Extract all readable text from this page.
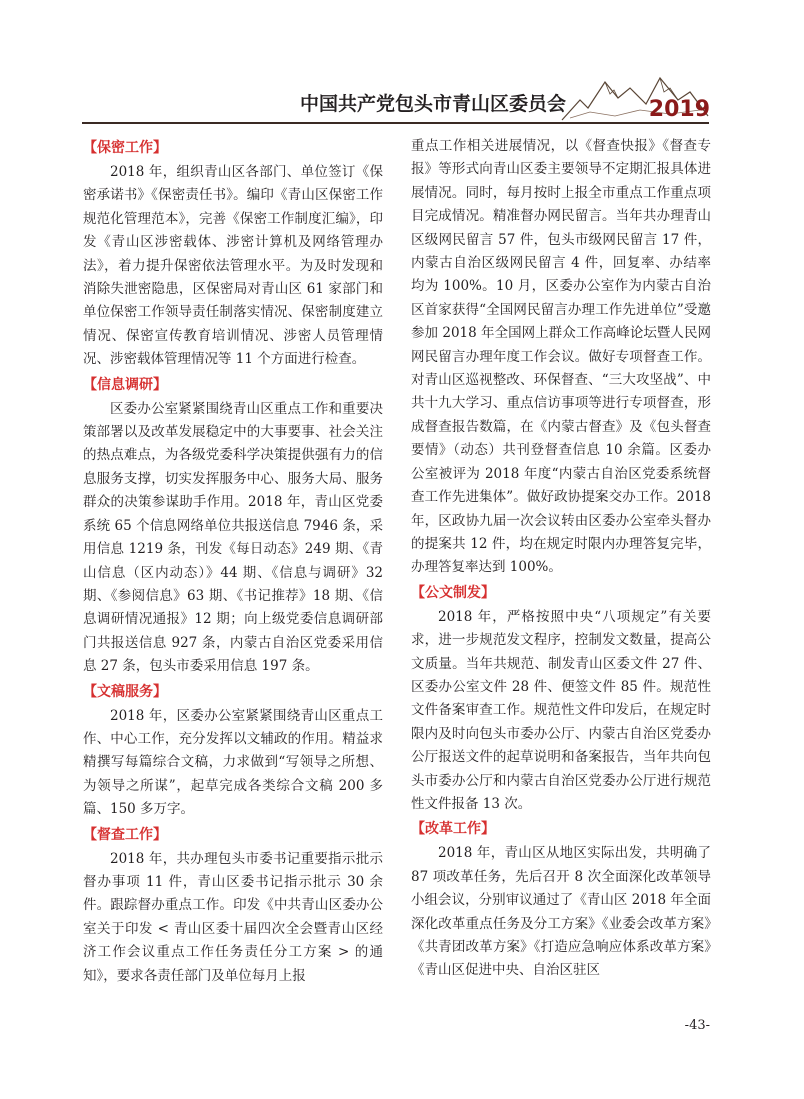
中国共产党包头市青山区委员会	2019
【保密工作】

2018 年，组织青山区各部门、单位签订《保密承诺书》《保密责任书》。编印《青山区保密工作规范化管理范本》，完善《保密工作制度汇编》，印发《青山区涉密载体、涉密计算机及网络管理办法》，着力提升保密依法管理水平。为及时发现和消除失泄密隐患，区保密局对青山区 61 家部门和单位保密工作领导责任制落实情况、保密制度建立情况、保密宣传教育培训情况、涉密人员管理情况、涉密载体管理情况等 11 个方面进行检查。

【信息调研】

区委办公室紧紧围绕青山区重点工作和重要决策部署以及改革发展稳定中的大事要事、社会关注的热点难点，为各级党委科学决策提供强有力的信息服务支撑，切实发挥服务中心、服务大局、服务群众的决策参谋助手作用。2018 年，青山区党委系统 65 个信息网络单位共报送信息 7946 条，采用信息 1219 条，刊发《每日动态》249 期、《青山信息（区内动态）》44 期、《信息与调研》32 期、《参阅信息》63 期、《书记推荐》18 期、《信息调研情况通报》12 期；向上级党委信息调研部门共报送信息 927 条，内蒙古自治区党委采用信息 27 条，包头市委采用信息 197 条。

【文稿服务】

2018 年，区委办公室紧紧围绕青山区重点工作、中心工作，充分发挥以文辅政的作用。精益求精撰写每篇综合文稿，力求做到“写领导之所想、为领导之所谋”，起草完成各类综合文稿 200 多篇、150 多万字。

【督查工作】

2018 年，共办理包头市委书记重要指示批示督办事项 11 件，青山区委书记指示批示 30 余件。跟踪督办重点工作。印发《中共青山区委办公室关于印发 < 青山区委十届四次全会暨青山区经济工作会议重点工作任务责任分工方案 > 的通知》，要求各责任部门及单位每月上报

重点工作相关进展情况，以《督查快报》《督查专报》等形式向青山区委主要领导不定期汇报具体进展情况。同时，每月按时上报全市重点工作重点项目完成情况。精准督办网民留言。当年共办理青山区级网民留言 57 件，包头市级网民留言 17 件，内蒙古自治区级网民留言 4 件，回复率、办结率均为 100%。10 月，区委办公室作为内蒙古自治区首家获得“全国网民留言办理工作先进单位”受邀参加 2018 年全国网上群众工作高峰论坛暨人民网网民留言办理年度工作会议。做好专项督查工作。对青山区巡视整改、环保督查、“三大攻坚战”、中共十九大学习、重点信访事项等进行专项督查，形成督查报告数篇，在《内蒙古督查》及《包头督查要情》（动态）共刊登督查信息 10 余篇。区委办公室被评为 2018 年度“内蒙古自治区党委系统督查工作先进集体”。做好政协提案交办工作。2018 年，区政协九届一次会议转由区委办公室牵头督办的提案共 12 件，均在规定时限内办理答复完毕，办理答复率达到 100%。

【公文制发】

2018 年，严格按照中央“八项规定”有关要求，进一步规范发文程序，控制发文数量，提高公文质量。当年共规范、制发青山区委文件 27 件、区委办公室文件 28 件、便签文件 85 件。规范性文件备案审查工作。规范性文件印发后，在规定时限内及时向包头市委办公厅、内蒙古自治区党委办公厅报送文件的起草说明和备案报告，当年共向包头市委办公厅和内蒙古自治区党委办公厅进行规范性文件报备 13 次。

【改革工作】

2018 年，青山区从地区实际出发，共明确了 87 项改革任务，先后召开 8 次全面深化改革领导小组会议，分别审议通过了《青山区 2018 年全面深化改革重点任务及分工方案》《业委会改革方案》《共青团改革方案》《打造应急响应体系改革方案》《青山区促进中央、自治区驻区

-43-
